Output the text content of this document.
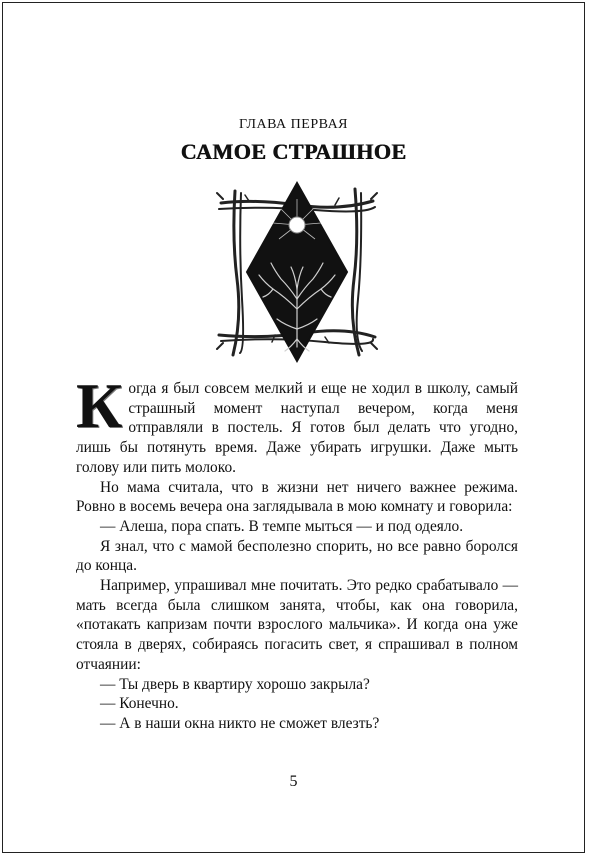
ГЛАВА ПЕРВАЯ
САМОЕ СТРАШНОЕ

Когда я был совсем мелкий и еще не ходил в школу, самый страшный момент наступал вечером, когда меня отправляли в постель. Я готов был делать что угодно, лишь бы потянуть время. Даже убирать игрушки. Даже мыть голову или пить молоко.

Но мама считала, что в жизни нет ничего важнее режима. Ровно в восемь вечера она заглядывала в мою комнату и говорила:

— Алеша, пора спать. В темпе мыться — и под одеяло.

Я знал, что с мамой бесполезно спорить, но все равно боролся до конца.

Например, упрашивал мне почитать. Это редко срабатывало — мать всегда была слишком занята, чтобы, как она говорила, «потакать капризам почти взрослого мальчика». И когда она уже стояла в дверях, собираясь погасить свет, я спрашивал в полном отчаянии:

— Ты дверь в квартиру хорошо закрыла?

— Конечно.

— А в наши окна никто не сможет влезть?

5
